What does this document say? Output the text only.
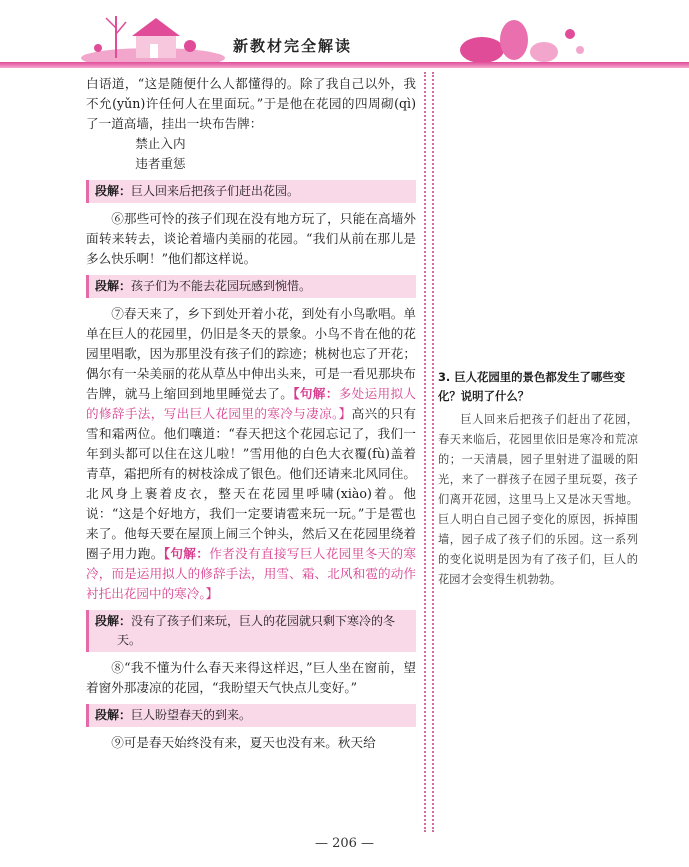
新教材完全解读

白语道，“这是随便什么人都懂得的。除了我自己以外，我不允(yǔn)许任何人在里面玩。”于是他在花园的四周砌(qì)了一道高墙，挂出一块布告牌：

禁止入内

违者重惩

段解：巨人回来后把孩子们赶出花园。

⑥那些可怜的孩子们现在没有地方玩了，只能在高墙外面转来转去，谈论着墙内美丽的花园。“我们从前在那儿是多么快乐啊！”他们都这样说。

段解：孩子们为不能去花园玩感到惋惜。

⑦春天来了，乡下到处开着小花，到处有小鸟歌唱。单单在巨人的花园里，仍旧是冬天的景象。小鸟不肯在他的花园里唱歌，因为那里没有孩子们的踪迹；桃树也忘了开花；偶尔有一朵美丽的花从草丛中伸出头来，可是一看见那块布告牌，就马上缩回到地里睡觉去了。【句解：多处运用拟人的修辞手法，写出巨人花园里的寒冷与凄凉。】高兴的只有雪和霜两位。他们嚷道：“春天把这个花园忘记了，我们一年到头都可以住在这儿啦！”雪用他的白色大衣覆(fù)盖着青草，霜把所有的树枝涂成了银色。他们还请来北风同住。北风身上裹着皮衣，整天在花园里呼啸(xiào)着。他说：“这是个好地方，我们一定要请雹来玩一玩。”于是雹也来了。他每天要在屋顶上闹三个钟头，然后又在花园里绕着圈子用力跑。【句解：作者没有直接写巨人花园里冬天的寒冷，而是运用拟人的修辞手法，用雪、霜、北风和雹的动作衬托出花园中的寒冷。】

段解：没有了孩子们来玩，巨人的花园就只剩下寒冷的冬天。

⑧“我不懂为什么春天来得这样迟，”巨人坐在窗前，望着窗外那凄凉的花园，“我盼望天气快点儿变好。”

段解：巨人盼望春天的到来。

⑨可是春天始终没有来，夏天也没有来。秋天给

3. 巨人花园里的景色都发生了哪些变化？说明了什么？

巨人回来后把孩子们赶出了花园，春天来临后，花园里依旧是寒冷和荒凉的；一天清晨，园子里射进了温暖的阳光，来了一群孩子在园子里玩耍，孩子们离开花园，这里马上又是冰天雪地。巨人明白自己园子变化的原因，拆掉围墙，园子成了孩子们的乐园。这一系列的变化说明是因为有了孩子们，巨人的花园才会变得生机勃勃。

— 206 —
